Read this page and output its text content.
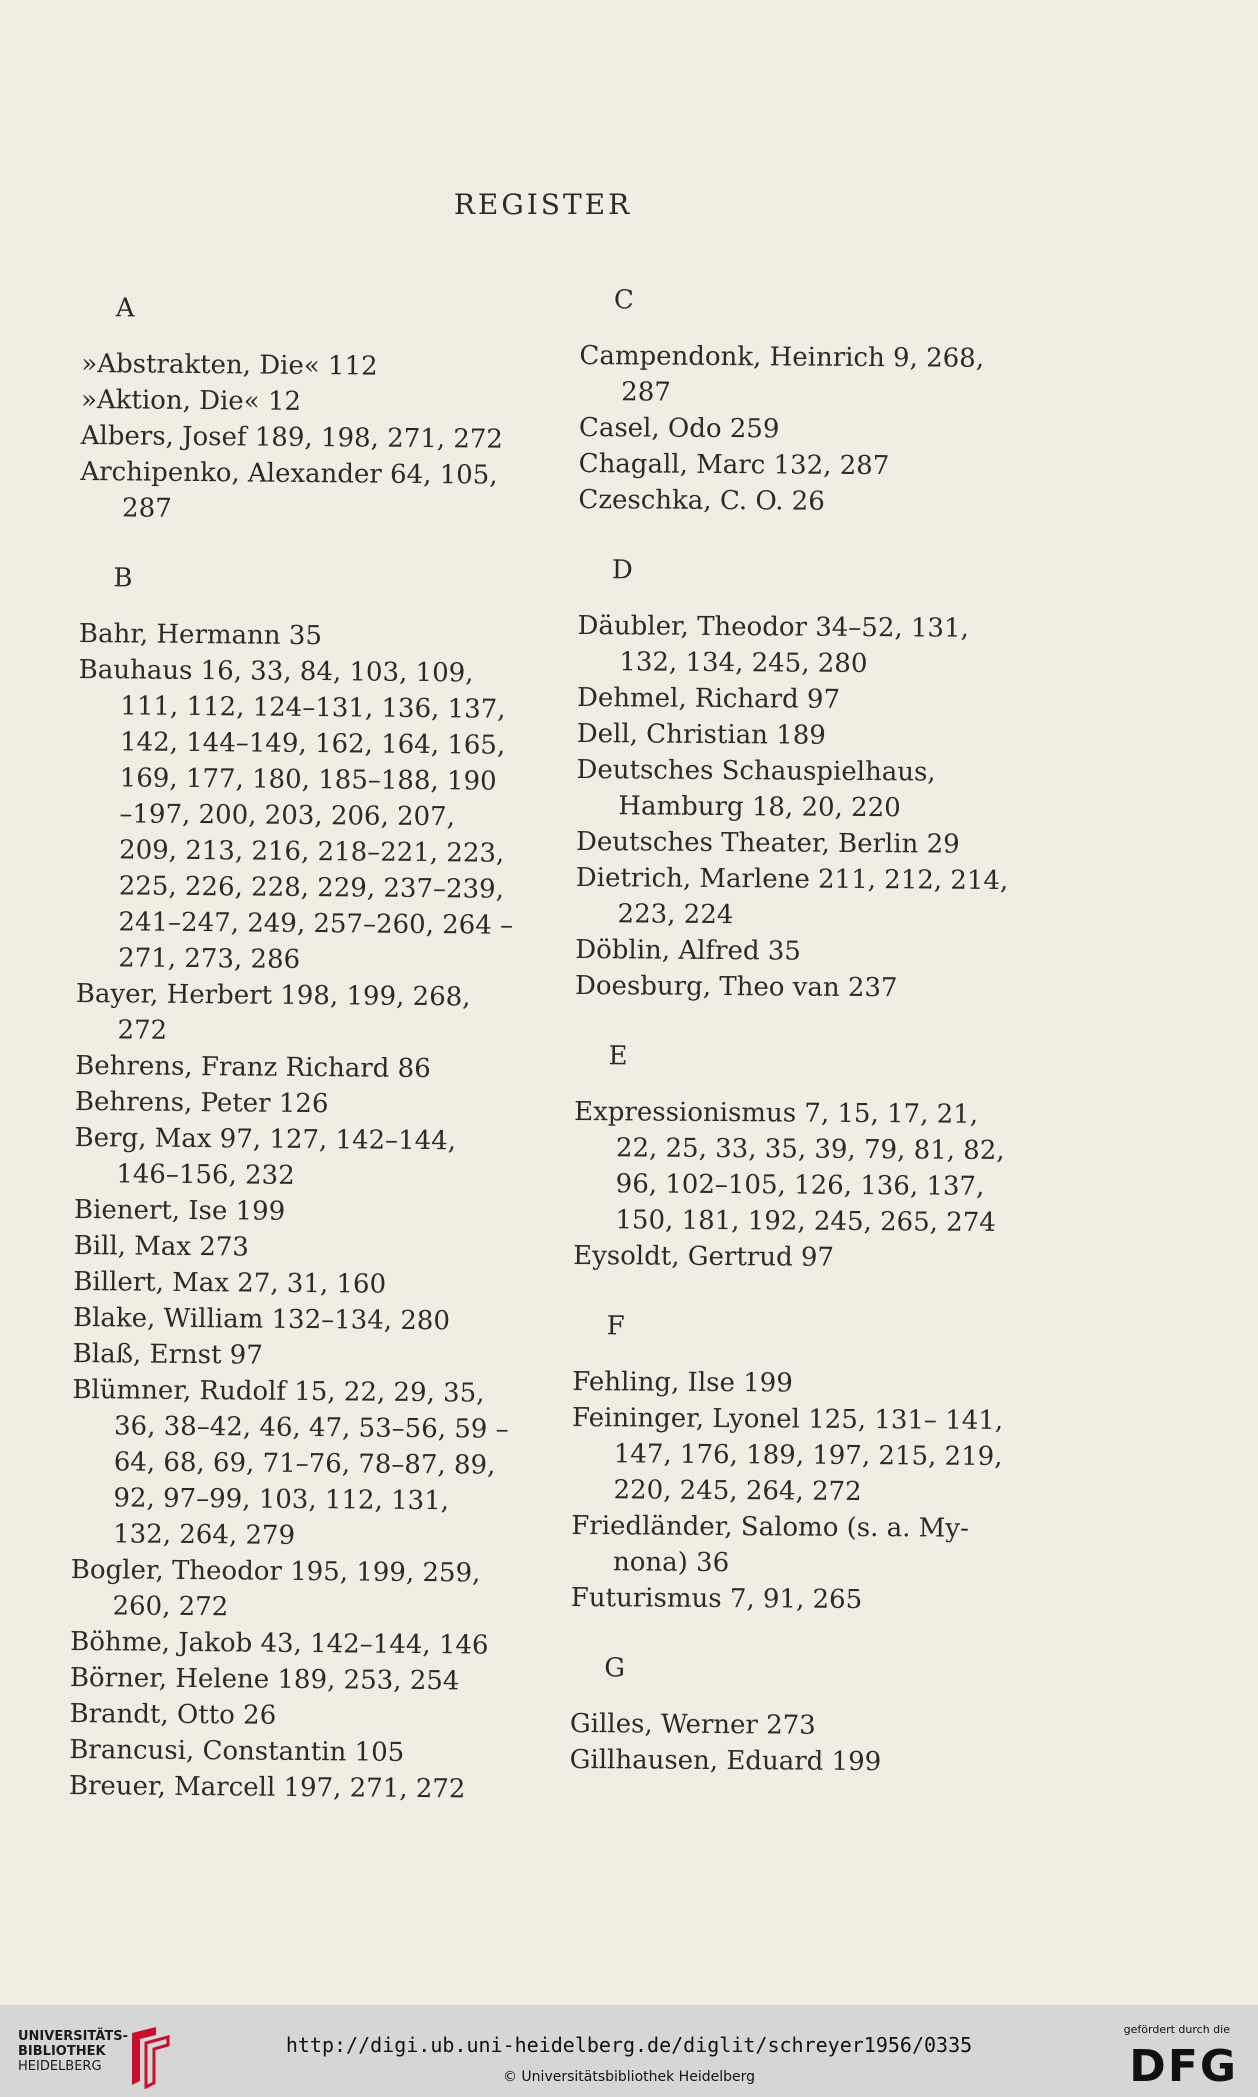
REGISTER
A

»Abstrakten, Die« 112

»Aktion, Die« 12

Albers, Josef 189, 198, 271, 272

Archipenko, Alexander 64, 105, 287

B

Bahr, Hermann 35

Bauhaus 16, 33, 84, 103, 109, 111, 112, 124–131, 136, 137, 142, 144–149, 162, 164, 165, 169, 177, 180, 185–188, 190 –197, 200, 203, 206, 207, 209, 213, 216, 218–221, 223, 225, 226, 228, 229, 237–239, 241–247, 249, 257–260, 264 –271, 273, 286

Bayer, Herbert 198, 199, 268, 272

Behrens, Franz Richard 86

Behrens, Peter 126

Berg, Max 97, 127, 142–144, 146–156, 232

Bienert, Ise 199

Bill, Max 273

Billert, Max 27, 31, 160

Blake, William 132–134, 280

Blaß, Ernst 97

Blümner, Rudolf 15, 22, 29, 35, 36, 38–42, 46, 47, 53–56, 59 –64, 68, 69, 71–76, 78–87, 89, 92, 97–99, 103, 112, 131, 132, 264, 279

Bogler, Theodor 195, 199, 259, 260, 272

Böhme, Jakob 43, 142–144, 146

Börner, Helene 189, 253, 254

Brandt, Otto 26

Brancusi, Constantin 105

Breuer, Marcell 197, 271, 272

C

Campendonk, Heinrich 9, 268, 287

Casel, Odo 259

Chagall, Marc 132, 287

Czeschka, C. O. 26

D

Däubler, Theodor 34–52, 131, 132, 134, 245, 280

Dehmel, Richard 97

Dell, Christian 189

Deutsches Schauspielhaus, Hamburg 18, 20, 220

Deutsches Theater, Berlin 29

Dietrich, Marlene 211, 212, 214, 223, 224

Döblin, Alfred 35

Doesburg, Theo van 237

E

Expressionismus 7, 15, 17, 21, 22, 25, 33, 35, 39, 79, 81, 82, 96, 102–105, 126, 136, 137, 150, 181, 192, 245, 265, 274

Eysoldt, Gertrud 97

F

Fehling, Ilse 199

Feininger, Lyonel 125, 131– 141, 147, 176, 189, 197, 215, 219, 220, 245, 264, 272

Friedländer, Salomo (s. a. My- nona) 36

Futurismus 7, 91, 265

G

Gilles, Werner 273

Gillhausen, Eduard 199

UNIVERSITÄTS-
BIBLIOTHEK
HEIDELBERG
http://digi.ub.uni-heidelberg.de/diglit/schreyer1956/0335
© Universitätsbibliothek Heidelberg
gefördert durch die
DFG
